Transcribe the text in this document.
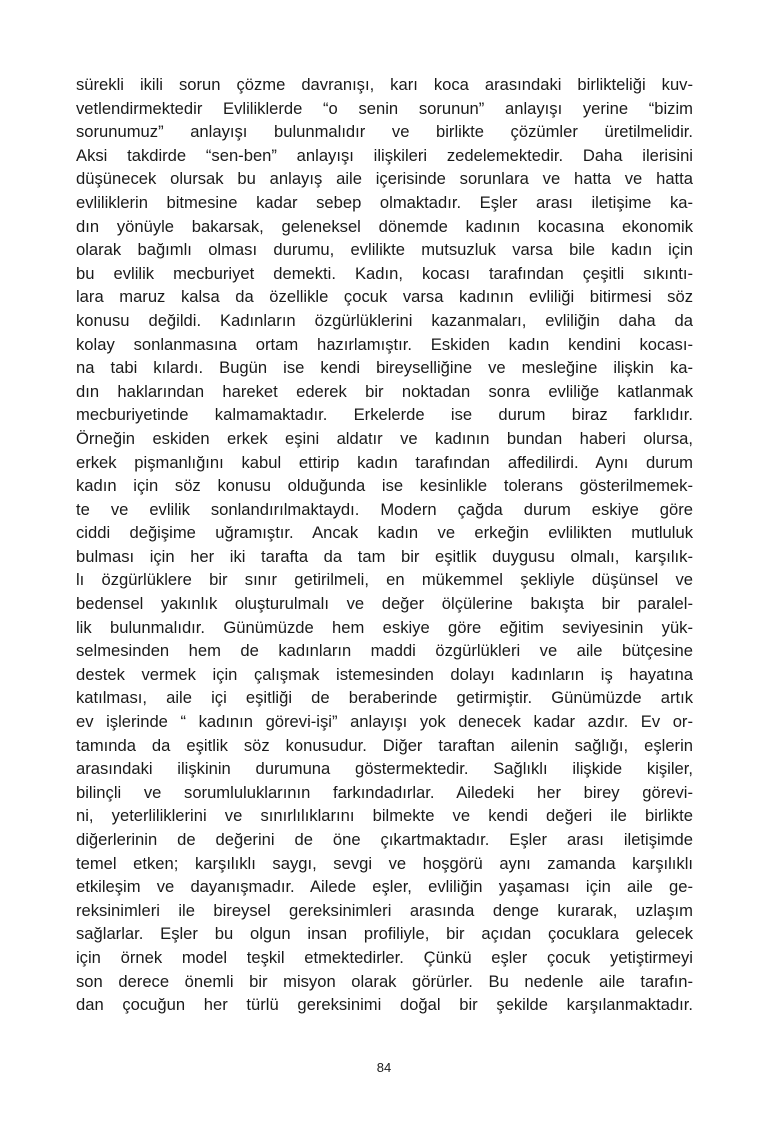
sürekli ikili sorun çözme davranışı, karı koca arasındaki birlikteliği kuv-
vetlendirmektedir Evliliklerde “o senin sorunun” anlayışı yerine “bizim
sorunumuz” anlayışı bulunmalıdır ve birlikte çözümler üretilmelidir.
Aksi takdirde “sen-ben” anlayışı ilişkileri zedelemektedir. Daha ilerisini
düşünecek olursak bu anlayış aile içerisinde sorunlara ve hatta ve hatta
evliliklerin bitmesine kadar sebep olmaktadır. Eşler arası iletişime ka-
dın yönüyle bakarsak, geleneksel dönemde kadının kocasına ekonomik
olarak bağımlı olması durumu, evlilikte mutsuzluk varsa bile kadın için
bu evlilik mecburiyet demekti. Kadın, kocası tarafından çeşitli sıkıntı-
lara maruz kalsa da özellikle çocuk varsa kadının evliliği bitirmesi söz
konusu değildi. Kadınların özgürlüklerini kazanmaları, evliliğin daha da
kolay sonlanmasına ortam hazırlamıştır. Eskiden kadın kendini kocası-
na tabi kılardı. Bugün ise kendi bireyselliğine ve mesleğine ilişkin ka-
dın haklarından hareket ederek bir noktadan sonra evliliğe katlanmak
mecburiyetinde kalmamaktadır. Erkelerde ise durum biraz farklıdır.
Örneğin eskiden erkek eşini aldatır ve kadının bundan haberi olursa,
erkek pişmanlığını kabul ettirip kadın tarafından affedilirdi. Aynı durum
kadın için söz konusu olduğunda ise kesinlikle tolerans gösterilmemek-
te ve evlilik sonlandırılmaktaydı. Modern çağda durum eskiye göre
ciddi değişime uğramıştır. Ancak kadın ve erkeğin evlilikten mutluluk
bulması için her iki tarafta da tam bir eşitlik duygusu olmalı, karşılık-
lı özgürlüklere bir sınır getirilmeli, en mükemmel şekliyle düşünsel ve
bedensel yakınlık oluşturulmalı ve değer ölçülerine bakışta bir paralel-
lik bulunmalıdır. Günümüzde hem eskiye göre eğitim seviyesinin yük-
selmesinden hem de kadınların maddi özgürlükleri ve aile bütçesine
destek vermek için çalışmak istemesinden dolayı kadınların iş hayatına
katılması, aile içi eşitliği de beraberinde getirmiştir. Günümüzde artık
ev işlerinde “ kadının görevi-işi” anlayışı yok denecek kadar azdır. Ev or-
tamında da eşitlik söz konusudur. Diğer taraftan ailenin sağlığı, eşlerin
arasındaki ilişkinin durumuna göstermektedir. Sağlıklı ilişkide kişiler,
bilinçli ve sorumluluklarının farkındadırlar. Ailedeki her birey görevi-
ni, yeterliliklerini ve sınırlılıklarını bilmekte ve kendi değeri ile birlikte
diğerlerinin de değerini de öne çıkartmaktadır. Eşler arası iletişimde
temel etken; karşılıklı saygı, sevgi ve hoşgörü aynı zamanda karşılıklı
etkileşim ve dayanışmadır. Ailede eşler, evliliğin yaşaması için aile ge-
reksinimleri ile bireysel gereksinimleri arasında denge kurarak, uzlaşım
sağlarlar. Eşler bu olgun insan profiliyle, bir açıdan çocuklara gelecek
için örnek model teşkil etmektedirler. Çünkü eşler çocuk yetiştirmeyi
son derece önemli bir misyon olarak görürler. Bu nedenle aile tarafın-
dan çocuğun her türlü gereksinimi doğal bir şekilde karşılanmaktadır.
84
